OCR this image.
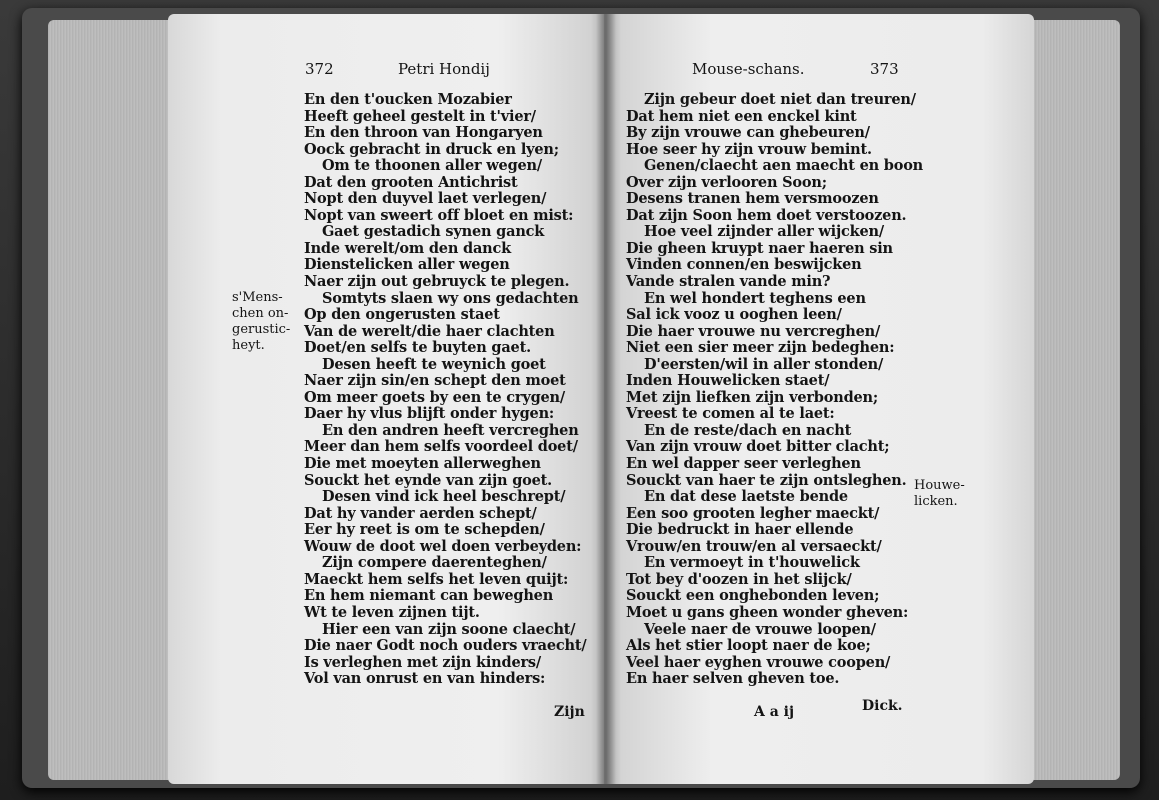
372	Petri Hondij
En den t'oucken Mozabier
Heeft geheel gestelt in t'vier/
En den throon van Hongaryen
Oock gebracht in druck en lyen;
Om te thoonen aller wegen/
Dat den grooten Antichrist
Nopt den duyvel laet verlegen/
Nopt van sweert off bloet en mist:
Gaet gestadich synen ganck
Inde werelt/om den danck
Dienstelicken aller wegen
Naer zijn out gebruyck te plegen.
Somtyts slaen wy ons gedachten
Op den ongerusten staet
Van de werelt/die haer clachten
Doet/en selfs te buyten gaet.
Desen heeft te weynich goet
Naer zijn sin/en schept den moet
Om meer goets by een te crygen/
Daer hy vlus blijft onder hygen:
En den andren heeft vercreghen
Meer dan hem selfs voordeel doet/
Die met moeyten allerweghen
Souckt het eynde van zijn goet.
Desen vind ick heel beschrept/
Dat hy vander aerden schept/
Eer hy reet is om te schepden/
Wouw de doot wel doen verbeyden:
Zijn compere daerenteghen/
Maeckt hem selfs het leven quijt:
En hem niemant can beweghen
Wt te leven zijnen tijt.
Hier een van zijn soone claecht/
Die naer Godt noch ouders vraecht/
Is verleghen met zijn kinders/
Vol van onrust en van hinders:
Zijn
Mouse-schans.	373
Zijn gebeur doet niet dan treuren/
Dat hem niet een enckel kint
By zijn vrouwe can ghebeuren/
Hoe seer hy zijn vrouw bemint.
Genen/claecht aen maecht en boon
Over zijn verlooren Soon;
Desens tranen hem versmoozen
Dat zijn Soon hem doet verstoozen.
Hoe veel zijnder aller wijcken/
Die gheen kruypt naer haeren sin
Vinden connen/en beswijcken
Vande stralen vande min?
En wel hondert teghens een
Sal ick vooz u ooghen leen/
Die haer vrouwe nu vercreghen/
Niet een sier meer zijn bedeghen:
D'eersten/wil in aller stonden/
Inden Houwelicken staet/
Met zijn liefken zijn verbonden;
Vreest te comen al te laet:
En de reste/dach en nacht
Van zijn vrouw doet bitter clacht;
En wel dapper seer verleghen
Souckt van haer te zijn ontsleghen.
En dat dese laetste bende
Een soo grooten legher maeckt/
Die bedruckt in haer ellende
Vrouw/en trouw/en al versaeckt/
En vermoeyt in t'houwelick
Tot bey d'oozen in het slijck/
Souckt een onghebonden leven;
Moet u gans gheen wonder gheven:
Veele naer de vrouwe loopen/
Als het stier loopt naer de koe;
Veel haer eyghen vrouwe coopen/
En haer selven gheven toe.
A a ij	Dick.
s'Mens-
chen on-
gerustic-
heyt.
Houwe-
licken.
